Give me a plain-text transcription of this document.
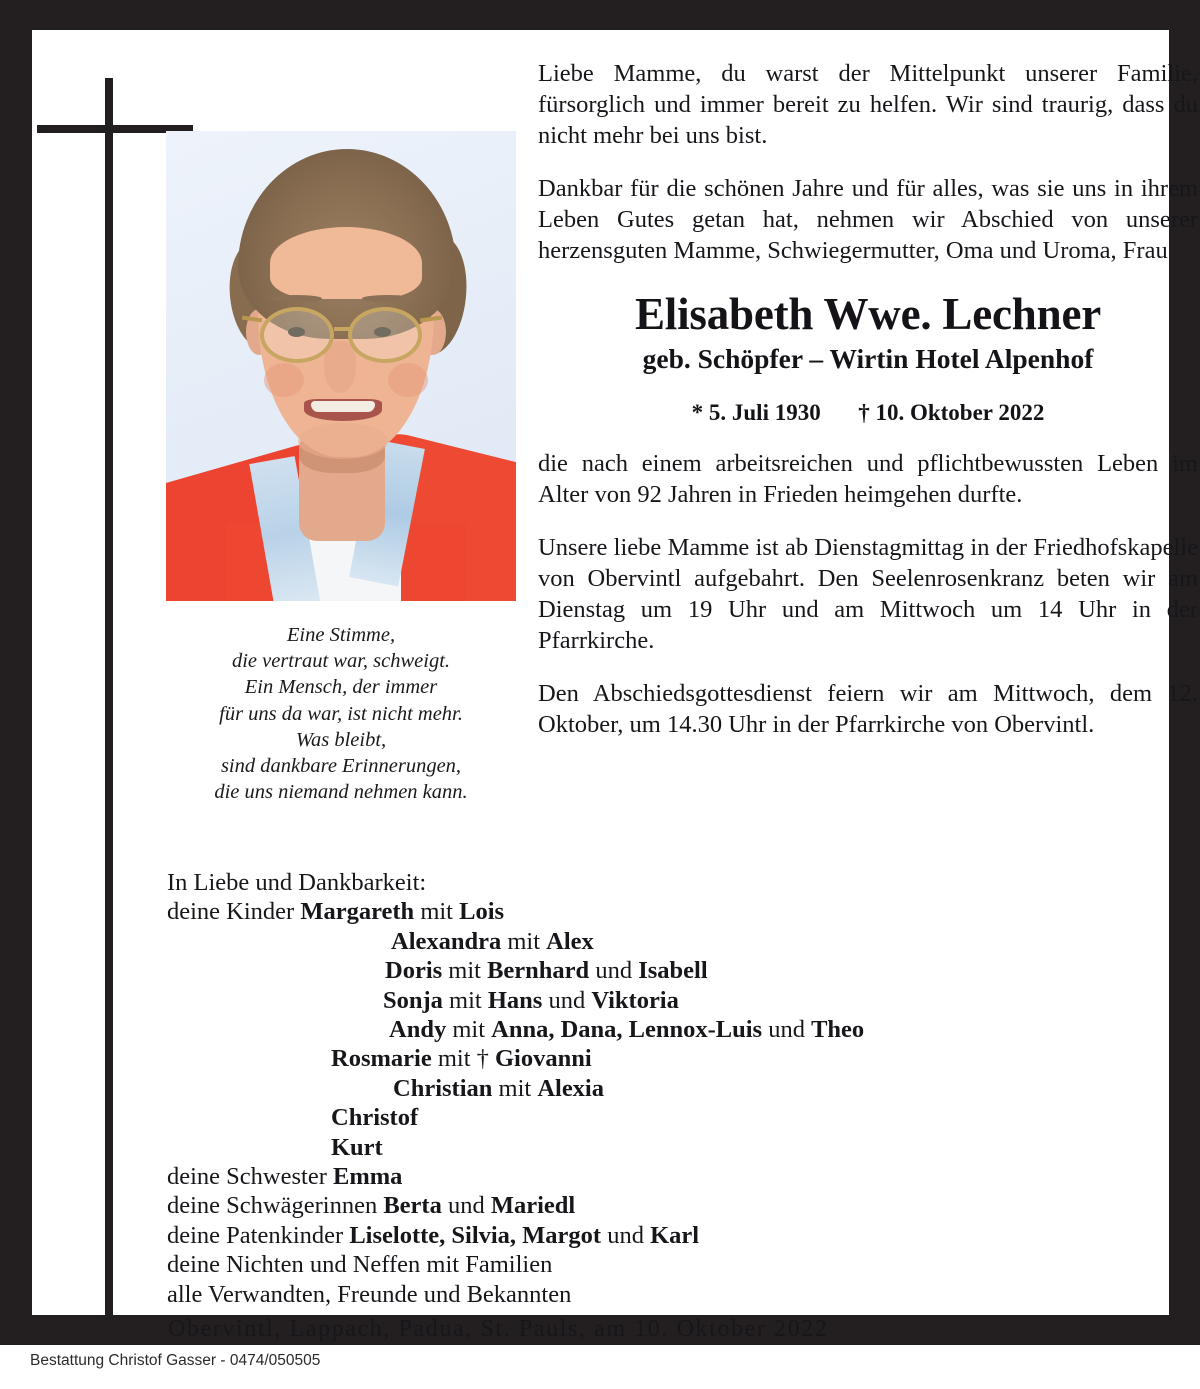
Eine Stimme,
die vertraut war, schweigt.
Ein Mensch, der immer
für uns da war, ist nicht mehr.
Was bleibt,
sind dankbare Erinnerungen,
die uns niemand nehmen kann.

Liebe Mamme, du warst der Mittelpunkt unserer Familie, fürsorglich und immer bereit zu helfen. Wir sind traurig, dass du nicht mehr bei uns bist.

Dankbar für die schönen Jahre und für alles, was sie uns in ihrem Leben Gutes getan hat, nehmen wir Abschied von unserer herzensguten Mamme, Schwiegermutter, Oma und Uroma, Frau

Elisabeth Wwe. Lechner
geb. Schöpfer – Wirtin Hotel Alpenhof
* 5. Juli 1930 † 10. Oktober 2022

die nach einem arbeitsreichen und pflichtbewussten Leben im Alter von 92 Jahren in Frieden heimgehen durfte.

Unsere liebe Mamme ist ab Dienstagmittag in der Friedhofskapelle von Obervintl aufgebahrt. Den Seelenrosenkranz beten wir am Dienstag um 19 Uhr und am Mittwoch um 14 Uhr in der Pfarrkirche.

Den Abschiedsgottesdienst feiern wir am Mittwoch, dem 12. Oktober, um 14.30 Uhr in der Pfarrkirche von Obervintl.

In Liebe und Dankbarkeit:
deine Kinder Margareth mit Lois
Alexandra mit Alex
Doris mit Bernhard und Isabell
Sonja mit Hans und Viktoria
Andy mit Anna, Dana, Lennox-Luis und Theo
Rosmarie mit † Giovanni
Christian mit Alexia
Christof
Kurt
deine Schwester Emma
deine Schwägerinnen Berta und Mariedl
deine Patenkinder Liselotte, Silvia, Margot und Karl
deine Nichten und Neffen mit Familien
alle Verwandten, Freunde und Bekannten
Obervintl, Lappach, Padua, St. Pauls, am 10. Oktober 2022
Bestattung Christof Gasser - 0474/050505
